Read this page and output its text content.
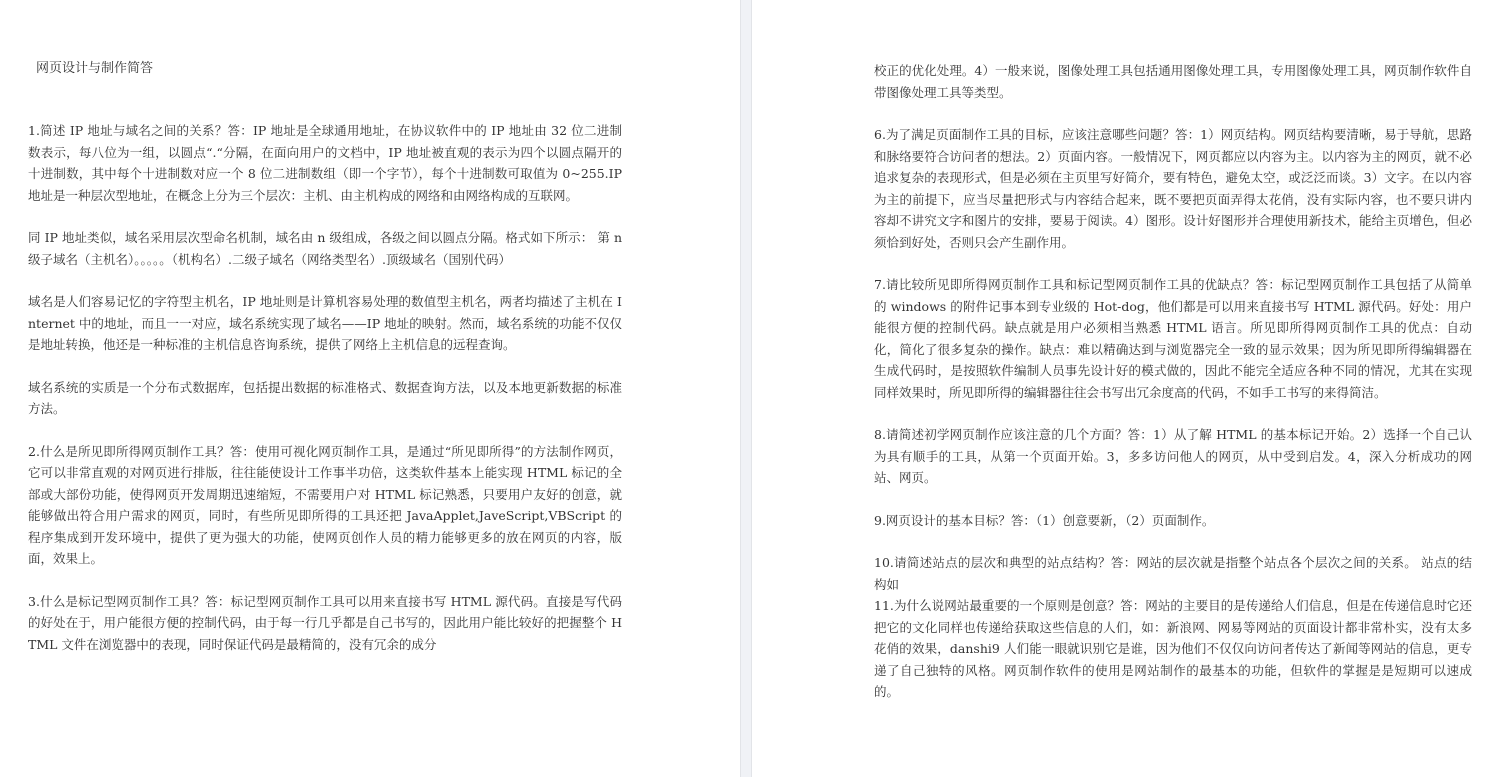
网页设计与制作简答

1.简述 IP 地址与域名之间的关系？答：IP 地址是全球通用地址，在协议软件中的 IP 地址由 32 位二进制数表示，每八位为一组，以圆点“.“分隔，在面向用户的文档中，IP 地址被直观的表示为四个以圆点隔开的十进制数，其中每个十进制数对应一个 8 位二进制数组（即一个字节），每个十进制数可取值为 0~255.IP 地址是一种层次型地址，在概念上分为三个层次：主机、由主机构成的网络和由网络构成的互联网。

同 IP 地址类似，域名采用层次型命名机制，域名由 n 级组成，各级之间以圆点分隔。格式如下所示： 第 n 级子域名（主机名）。。。。。（机构名）.二级子域名（网络类型名）.顶级域名（国别代码）

域名是人们容易记忆的字符型主机名，IP 地址则是计算机容易处理的数值型主机名，两者均描述了主机在 Internet 中的地址，而且一一对应，域名系统实现了域名——IP 地址的映射。然而，域名系统的功能不仅仅是地址转换，他还是一种标准的主机信息咨询系统，提供了网络上主机信息的远程查询。

域名系统的实质是一个分布式数据库，包括提出数据的标准格式、数据查询方法，以及本地更新数据的标准方法。

2.什么是所见即所得网页制作工具？答：使用可视化网页制作工具，是通过“所见即所得”的方法制作网页，它可以非常直观的对网页进行排版，往往能使设计工作事半功倍，这类软件基本上能实现 HTML 标记的全部或大部份功能，使得网页开发周期迅速缩短，不需要用户对 HTML 标记熟悉，只要用户友好的创意，就能够做出符合用户需求的网页，同时，有些所见即所得的工具还把 JavaApplet,JaveScript,VBScript 的程序集成到开发环境中，提供了更为强大的功能，使网页创作人员的精力能够更多的放在网页的内容，版面，效果上。

3.什么是标记型网页制作工具？答：标记型网页制作工具可以用来直接书写 HTML 源代码。直接是写代码的好处在于，用户能很方便的控制代码，由于每一行几乎都是自己书写的，因此用户能比较好的把握整个 HTML 文件在浏览器中的表现，同时保证代码是最精简的，没有冗余的成分

校正的优化处理。4）一般来说，图像处理工具包括通用图像处理工具，专用图像处理工具，网页制作软件自带图像处理工具等类型。

6.为了满足页面制作工具的目标，应该注意哪些问题？答：1）网页结构。网页结构要清晰，易于导航，思路和脉络要符合访问者的想法。2）页面内容。一般情况下，网页都应以内容为主。以内容为主的网页，就不必追求复杂的表现形式，但是必须在主页里写好简介，要有特色，避免太空，或泛泛而谈。3）文字。在以内容为主的前提下，应当尽量把形式与内容结合起来，既不要把页面弄得太花俏，没有实际内容，也不要只讲内容却不讲究文字和图片的安排，要易于阅读。4）图形。设计好图形并合理使用新技术，能给主页增色，但必须恰到好处，否则只会产生副作用。

7.请比较所见即所得网页制作工具和标记型网页制作工具的优缺点？答：标记型网页制作工具包括了从简单的 windows 的附件记事本到专业级的 Hot-dog，他们都是可以用来直接书写 HTML 源代码。好处：用户能很方便的控制代码。缺点就是用户必须相当熟悉 HTML 语言。所见即所得网页制作工具的优点：自动化，简化了很多复杂的操作。缺点：难以精确达到与浏览器完全一致的显示效果；因为所见即所得编辑器在生成代码时，是按照软件编制人员事先设计好的模式做的，因此不能完全适应各种不同的情况，尤其在实现同样效果时，所见即所得的编辑器往往会书写出冗余度高的代码，不如手工书写的来得简洁。

8.请简述初学网页制作应该注意的几个方面？答：1）从了解 HTML 的基本标记开始。2）选择一个自己认为具有顺手的工具，从第一个页面开始。3，多多访问他人的网页，从中受到启发。4，深入分析成功的网站、网页。

9.网页设计的基本目标？答：（1）创意要新，（2）页面制作。

10.请简述站点的层次和典型的站点结构？答：网站的层次就是指整个站点各个层次之间的关系。 站点的结构如

11.为什么说网站最重要的一个原则是创意？答：网站的主要目的是传递给人们信息，但是在传递信息时它还把它的文化同样也传递给获取这些信息的人们，如：新浪网、网易等网站的页面设计都非常朴实，没有太多花俏的效果，danshi9 人们能一眼就识别它是谁，因为他们不仅仅向访问者传达了新闻等网站的信息，更专递了自己独特的风格。网页制作软件的使用是网站制作的最基本的功能，但软件的掌握是是短期可以速成的。
